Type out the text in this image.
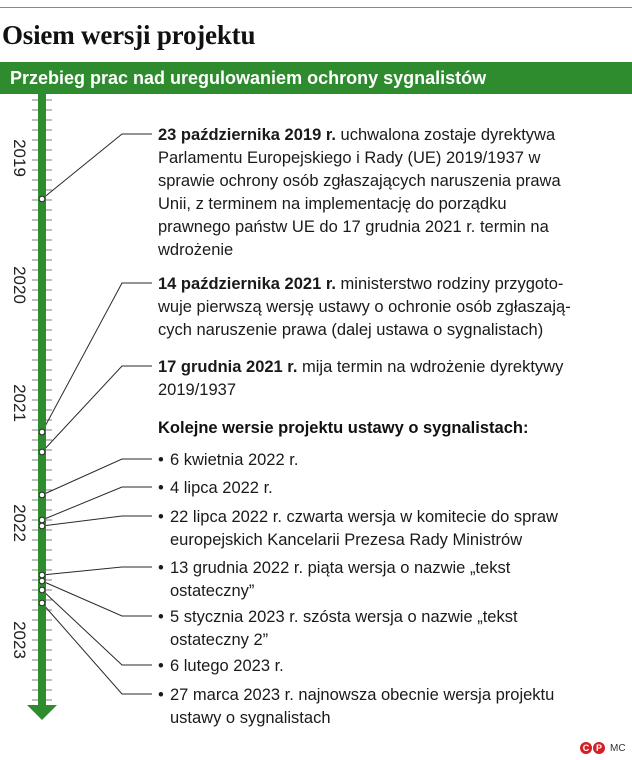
Osiem wersji projektu
Przebieg prac nad uregulowaniem ochrony sygnalistów
2019
2020
2021
2022
2023
23 października 2019 r. uchwalona zostaje dyrektywa
Parlamentu Europejskiego i Rady (UE) 2019/1937 w
sprawie ochrony osób zgłaszających naruszenia prawa
Unii, z terminem na implementację do porządku
prawnego państw UE do 17 grudnia 2021 r. termin na
wdrożenie
14 października 2021 r. ministerstwo rodziny przygoto-
wuje pierwszą wersję ustawy o ochronie osób zgłaszają-
cych naruszenie prawa (dalej ustawa o sygnalistach)
17 grudnia 2021 r. mija termin na wdrożenie dyrektywy
2019/1937
Kolejne wersie projektu ustawy o sygnalistach:
• 6 kwietnia 2022 r.
• 4 lipca 2022 r.
• 22 lipca 2022 r. czwarta wersja w komitecie do spraw
europejskich Kancelarii Prezesa Rady Ministrów
• 13 grudnia 2022 r. piąta wersja o nazwie „tekst
ostateczny”
• 5 stycznia 2023 r. szósta wersja o nazwie „tekst
ostateczny 2”
• 6 lutego 2023 r.
• 27 marca 2023 r. najnowsza obecnie wersja projektu
ustawy o sygnalistach
C P MC
